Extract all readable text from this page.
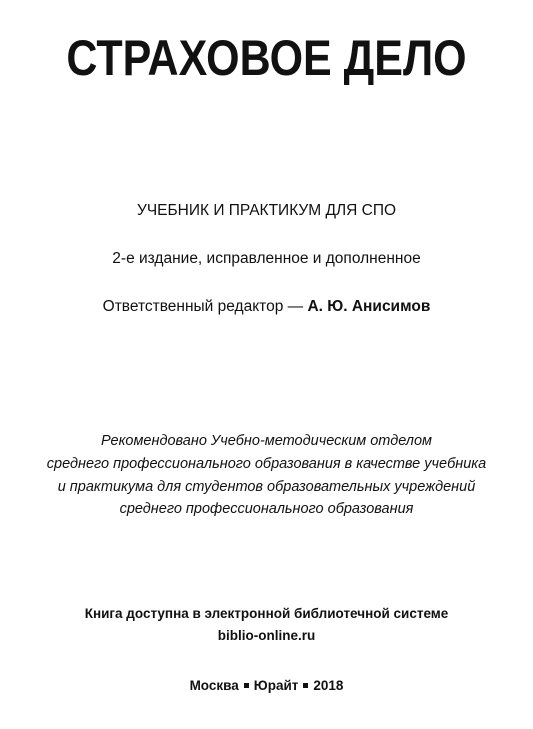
СТРАХОВОЕ ДЕЛО
УЧЕБНИК И ПРАКТИКУМ ДЛЯ СПО
2-е издание, исправленное и дополненное
Ответственный редактор — А. Ю. Анисимов
Рекомендовано Учебно-методическим отделом
среднего профессионального образования в качестве учебника
и практикума для студентов образовательных учреждений
среднего профессионального образования
Книга доступна в электронной библиотечной системе
biblio-online.ru
Москва Юрайт 2018
